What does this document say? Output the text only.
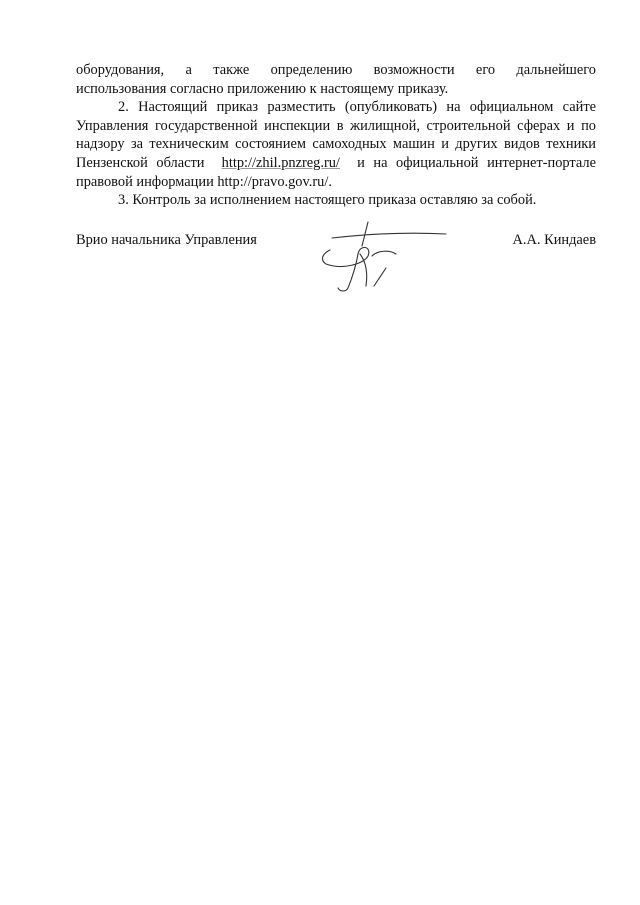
оборудования, а также определению возможности его дальнейшего
использования согласно приложению к настоящему приказу.
2. Настоящий приказ разместить (опубликовать) на официальном сайте
Управления государственной инспекции в жилищной, строительной сферах и по
надзору за техническим состоянием самоходных машин и других видов техники
Пензенской области http://zhil.pnzreg.ru/ и на официальной интернет-портале
правовой информации http://pravo.gov.ru/.
3. Контроль за исполнением настоящего приказа оставляю за собой.
Врио начальника Управления	А.А. Киндаев
